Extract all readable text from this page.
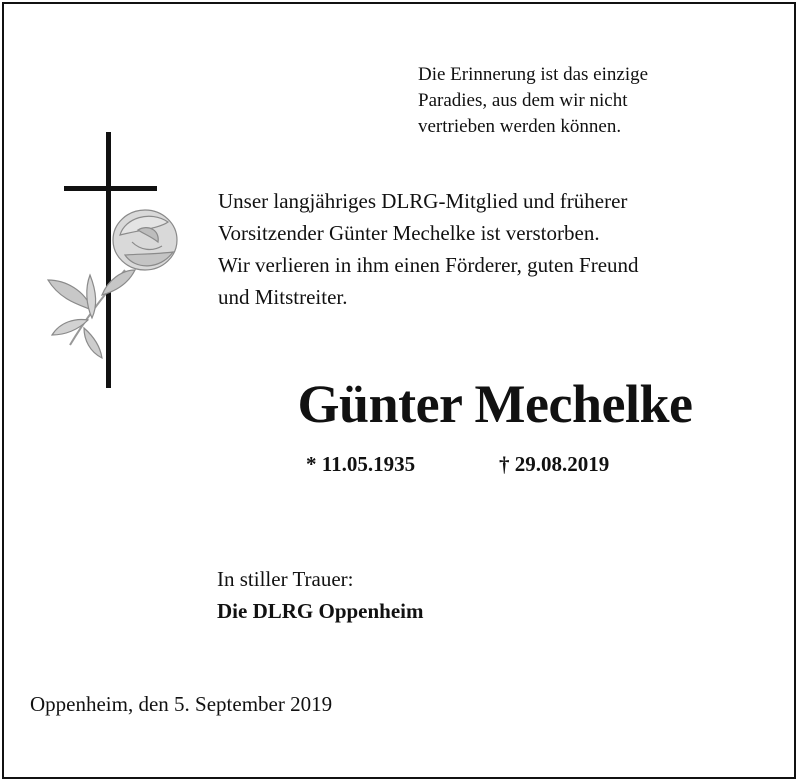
Die Erinnerung ist das einzige
Paradies, aus dem wir nicht
vertrieben werden können.
Unser langjähriges DLRG-Mitglied und früherer
Vorsitzender Günter Mechelke ist verstorben.
Wir verlieren in ihm einen Förderer, guten Freund
und Mitstreiter.
Günter Mechelke
* 11.05.1935	† 29.08.2019
In stiller Trauer:
Die DLRG Oppenheim
Oppenheim, den 5. September 2019
